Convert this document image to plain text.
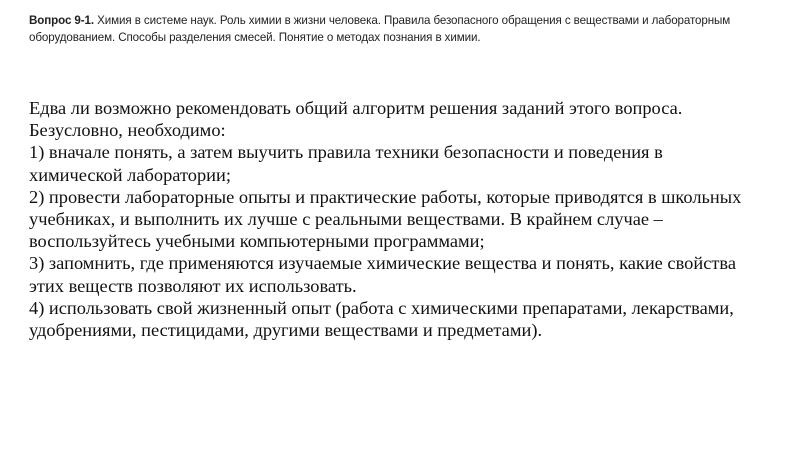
Вопрос 9-1. Химия в системе наук. Роль химии в жизни человека. Правила безопасного обращения с веществами и лабораторным оборудованием. Способы разделения смесей. Понятие о методах познания в химии.
Едва ли возможно рекомендовать общий алгоритм решения заданий этого вопроса.
Безусловно, необходимо:
1) вначале понять, а затем выучить правила техники безопасности и поведения в
химической лаборатории;
2) провести лабораторные опыты и практические работы, которые приводятся в школьных
учебниках, и выполнить их лучше с реальными веществами. В крайнем случае –
воспользуйтесь учебными компьютерными программами;
3) запомнить, где применяются изучаемые химические вещества и понять, какие свойства
этих веществ позволяют их использовать.
4) использовать свой жизненный опыт (работа с химическими препаратами, лекарствами,
удобрениями, пестицидами, другими веществами и предметами).
